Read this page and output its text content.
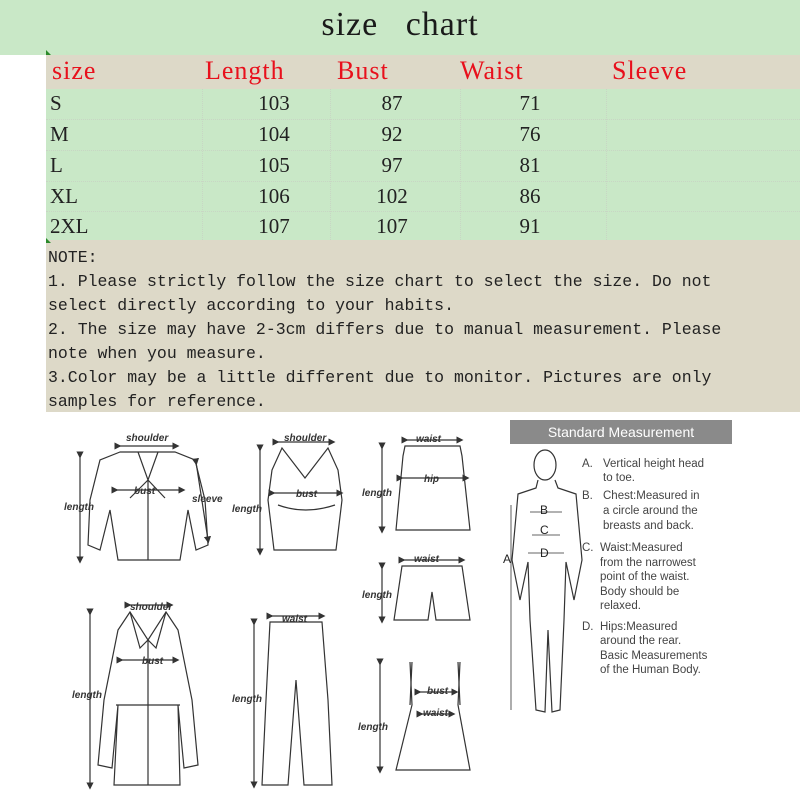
size chart
size	Length Bust	Waist	Sleeve
S	103	87	71
M	104	92	76
L	105	97	81
XL	106	102	86
2XL	107	107	91
NOTE:
1. Please strictly follow the size chart to select the size. Do not
select directly according to your habits.
2. The size may have 2-3cm differs due to manual measurement. Please
note when you measure.
3.Color may be a little different due to monitor. Pictures are only
samples for reference.
shoulder
bust
length
sleeve
shoulder
bust
length
waist
hip
length
waist
length
shoulder
bust
length
waist
length
bust
waist
length
Standard Measurement
A
B
C
D
A. Vertical height head
to toe.
B. Chest:Measured in
a circle around the
breasts and back.
C. Waist:Measured
from the narrowest
point of the waist.
Body should be
relaxed.
D. Hips:Measured
around the rear.
Basic Measurements
of the Human Body.
